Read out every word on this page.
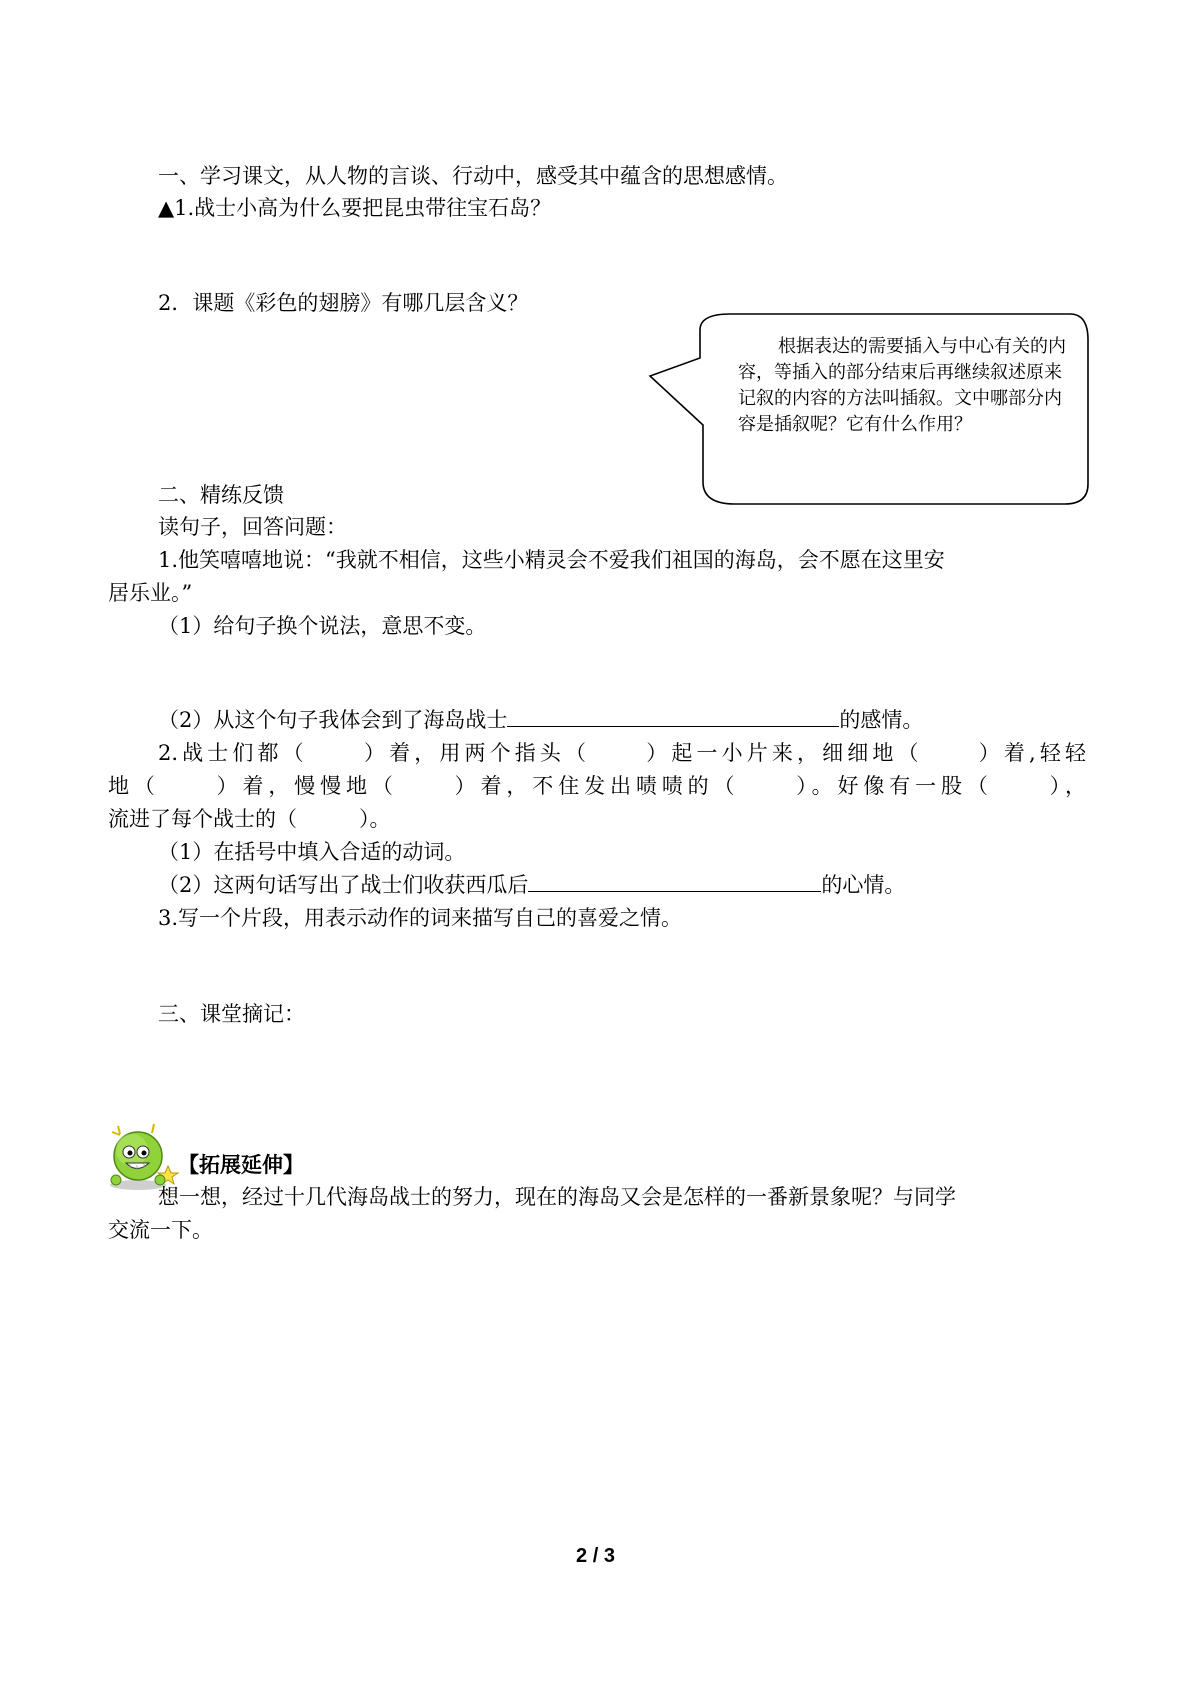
一、学习课文，从人物的言谈、行动中，感受其中蕴含的思想感情。
▲1.战士小高为什么要把昆虫带往宝石岛？
2．课题《彩色的翅膀》有哪几层含义？
根据表达的需要插入与中心有关的内容，等插入的部分结束后再继续叙述原来记叙的内容的方法叫插叙。文中哪部分内容是插叙呢？它有什么作用？
二、精练反馈
读句子，回答问题：
1.他笑嘻嘻地说：“我就不相信，这些小精灵会不爱我们祖国的海岛，会不愿在这里安
居乐业。”
（1）给句子换个说法，意思不变。
（2）从这个句子我体会到了海岛战士	的感情。
2.战士们都（ ）着，用两个指头（ ）起一小片来，细细地（ ）着,轻轻
地（ ）着，慢慢地（ ）着，不住发出啧啧的（ ）。好像有一股（ ），
流进了每个战士的（	）。
（1）在括号中填入合适的动词。
（2）这两句话写出了战士们收获西瓜后	的心情。
3.写一个片段，用表示动作的词来描写自己的喜爱之情。
三、课堂摘记：
【拓展延伸】
想一想，经过十几代海岛战士的努力，现在的海岛又会是怎样的一番新景象呢？与同学
交流一下。
2 / 3
